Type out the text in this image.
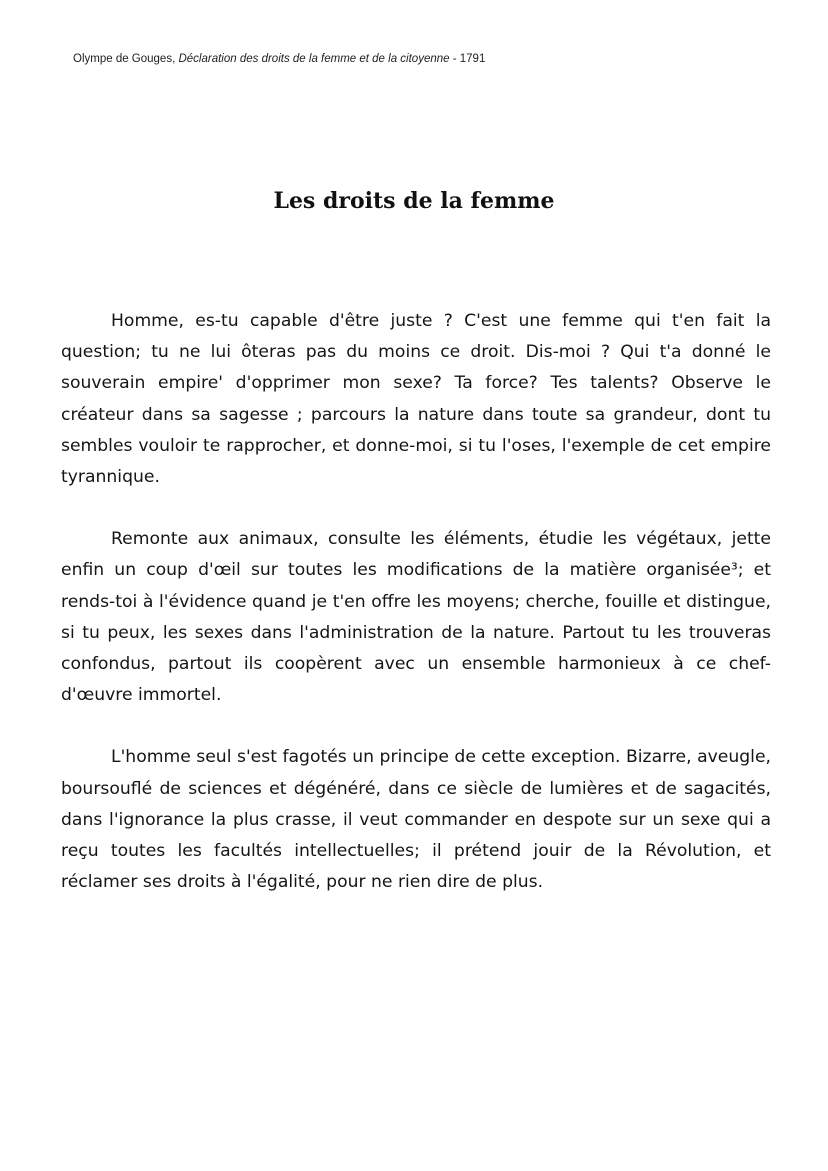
Olympe de Gouges, Déclaration des droits de la femme et de la citoyenne - 1791
Les droits de la femme

Homme, es-tu capable d'être juste ? C'est une femme qui t'en fait la question; tu ne lui ôteras pas du moins ce droit. Dis-moi ? Qui t'a donné le souverain empire' d'opprimer mon sexe? Ta force? Tes talents? Observe le créateur dans sa sagesse ; parcours la nature dans toute sa grandeur, dont tu sembles vouloir te rapprocher, et donne-moi, si tu l'oses, l'exemple de cet empire tyrannique.

Remonte aux animaux, consulte les éléments, étudie les végétaux, jette enfin un coup d'œil sur toutes les modifications de la matière organisée³; et rends-toi à l'évidence quand je t'en offre les moyens; cherche, fouille et distingue, si tu peux, les sexes dans l'administration de la nature. Partout tu les trouveras confondus, partout ils coopèrent avec un ensemble harmonieux à ce chef- d'œuvre immortel.

L'homme seul s'est fagotés un principe de cette exception. Bizarre, aveugle, boursouflé de sciences et dégénéré, dans ce siècle de lumières et de sagacités, dans l'ignorance la plus crasse, il veut commander en despote sur un sexe qui a reçu toutes les facultés intellectuelles; il prétend jouir de la Révolution, et réclamer ses droits à l'égalité, pour ne rien dire de plus.
